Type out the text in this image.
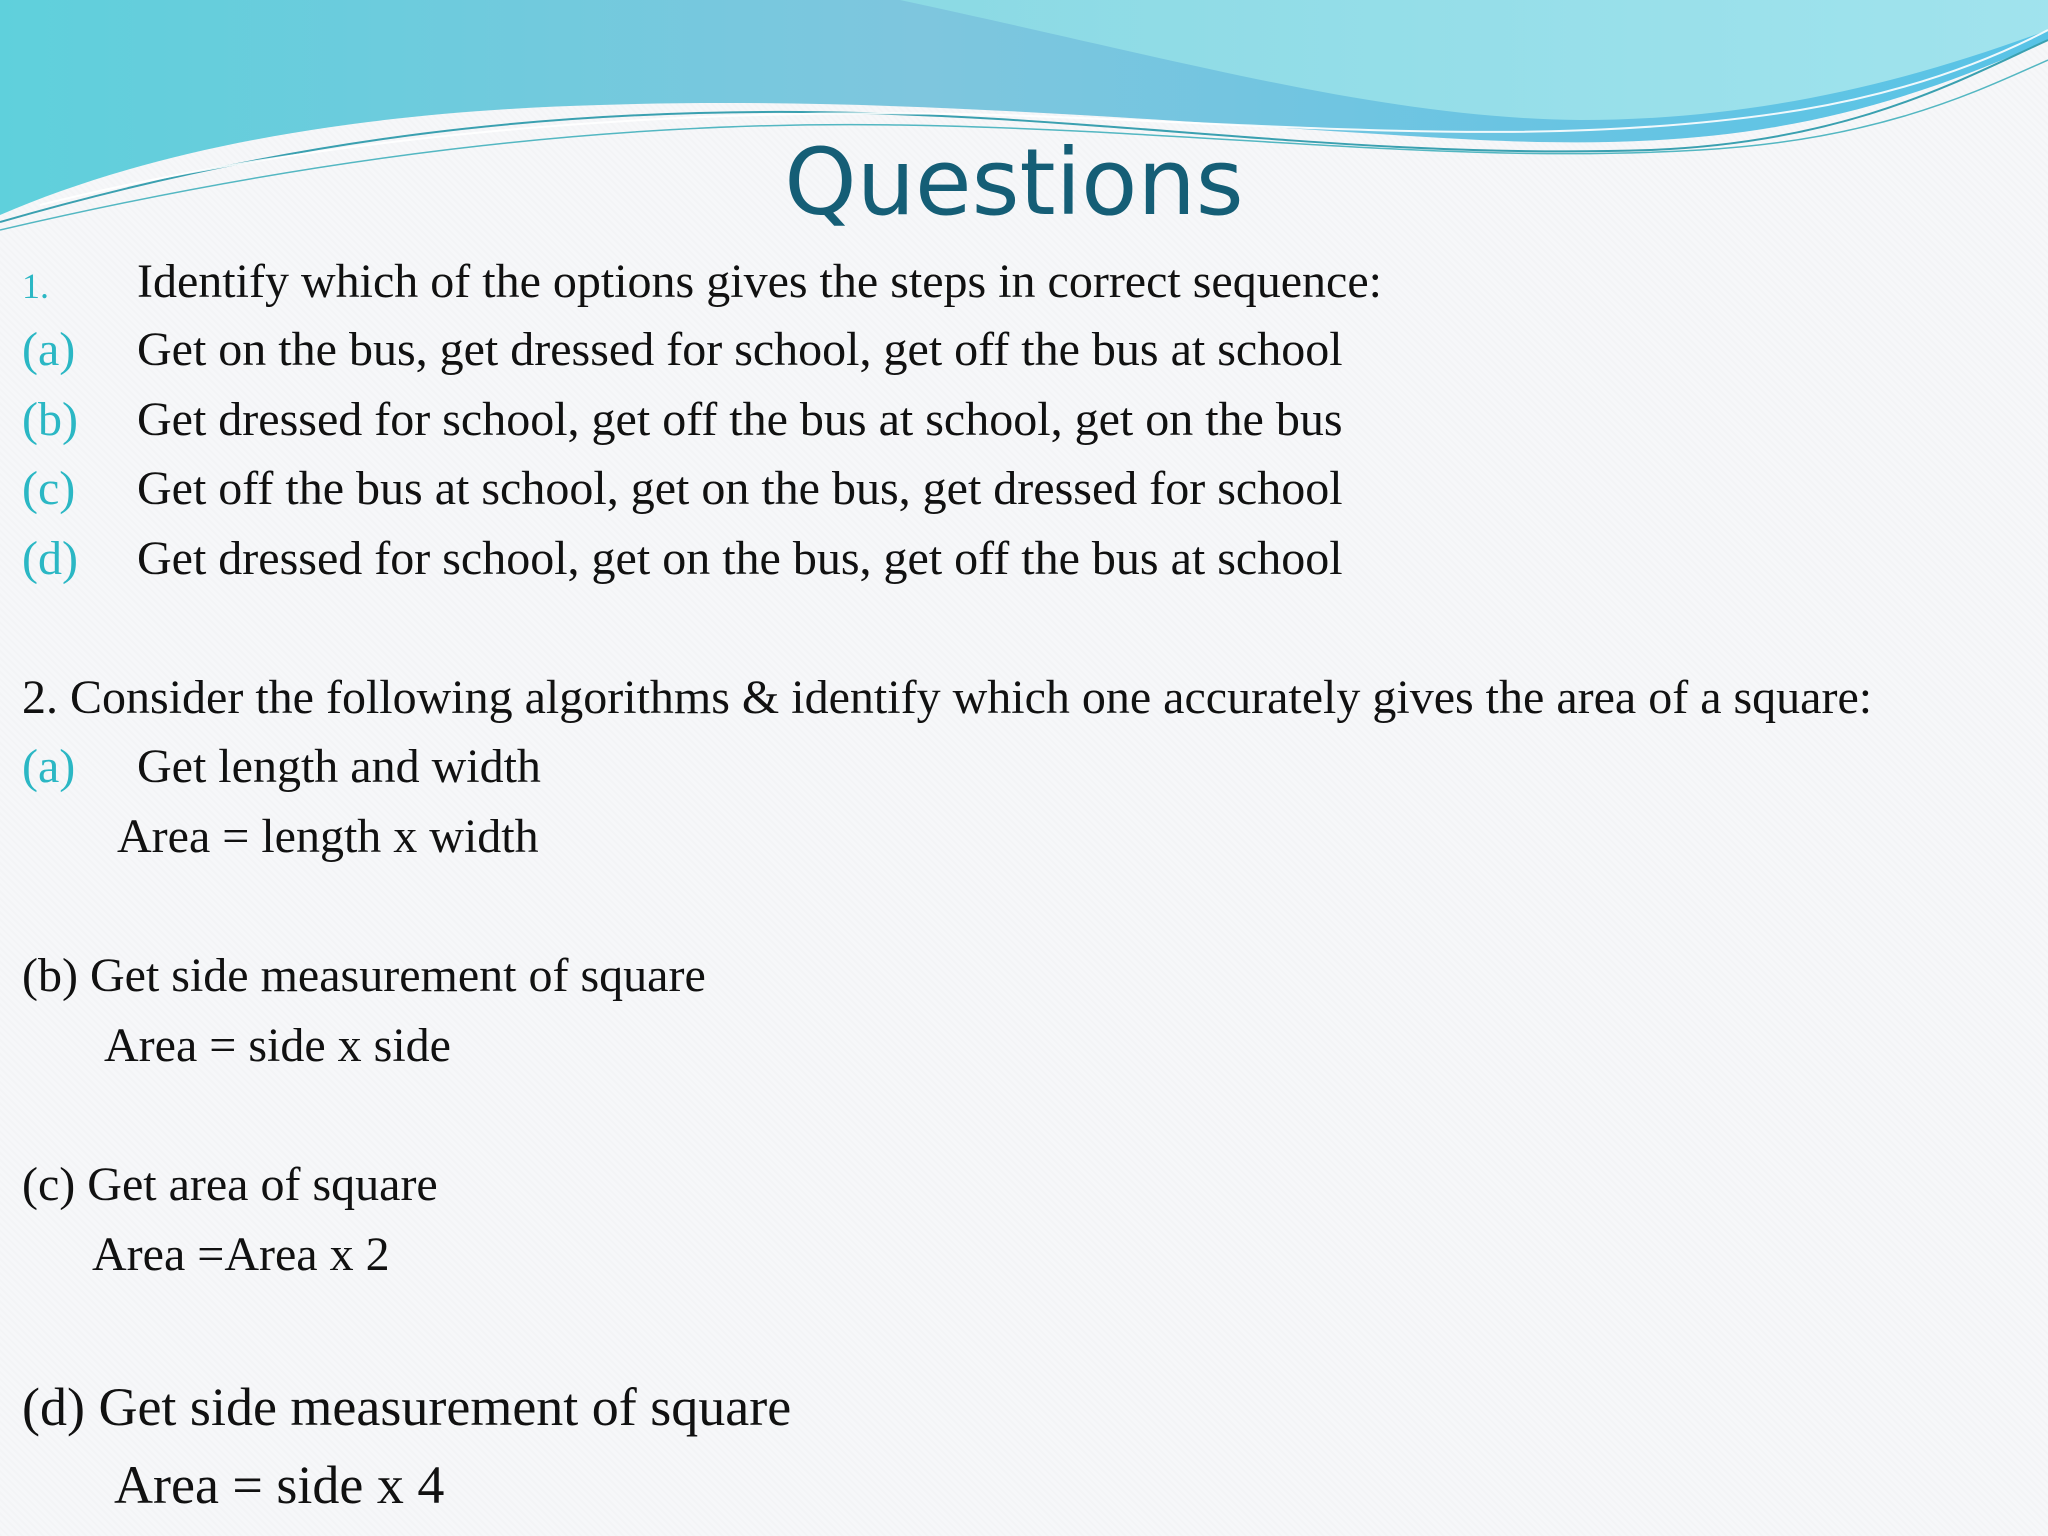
Questions
1. Identify which of the options gives the steps in correct sequence:
(a) Get on the bus, get dressed for school, get off the bus at school
(b) Get dressed for school, get off the bus at school, get on the bus
(c) Get off the bus at school, get on the bus, get dressed for school
(d) Get dressed for school, get on the bus, get off the bus at school
2. Consider the following algorithms & identify which one accurately gives the area of a square:
(a) Get length and width
Area = length x width
(b) Get side measurement of square
Area = side x side
(c) Get area of square
Area =Area x 2
(d) Get side measurement of square
Area = side x 4
